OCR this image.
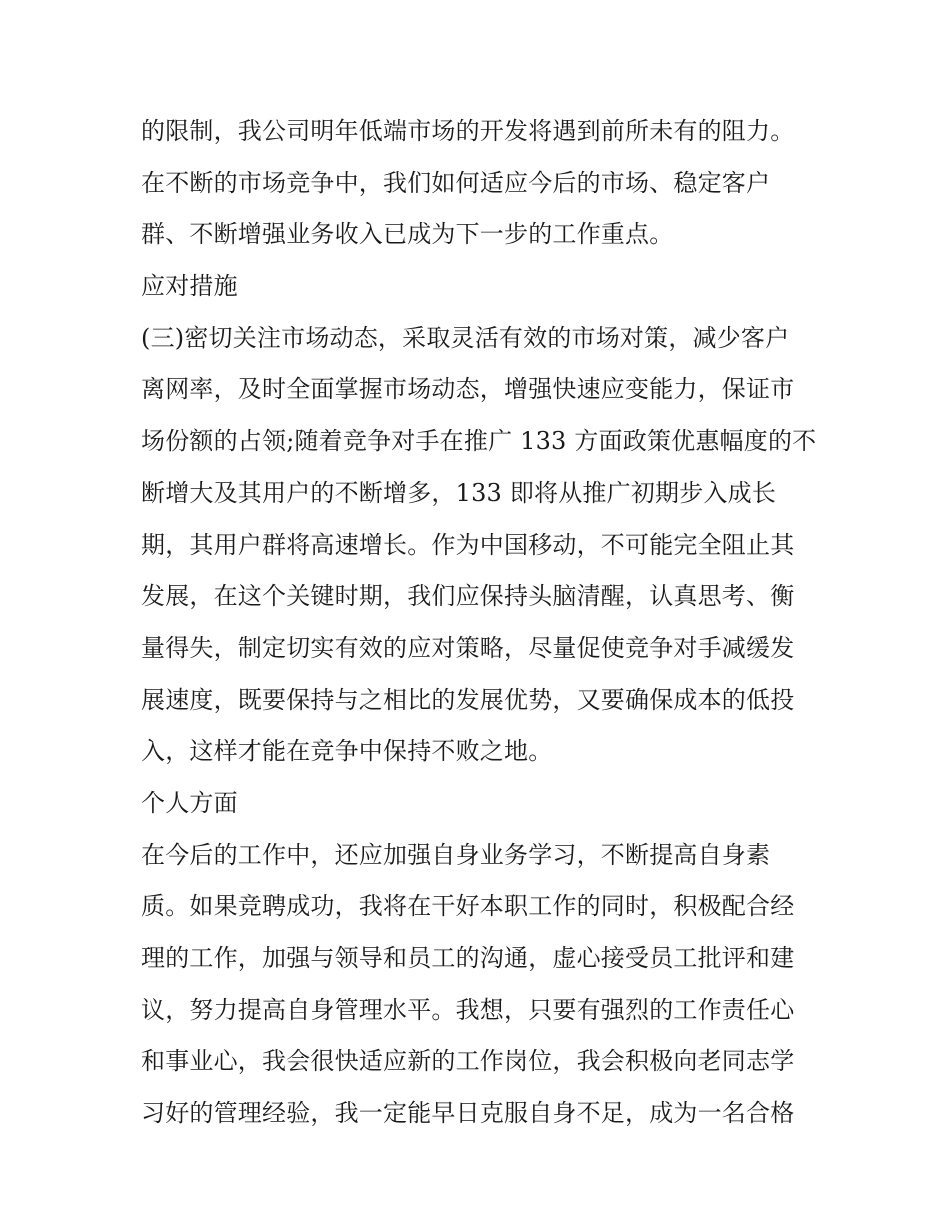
的限制，我公司明年低端市场的开发将遇到前所未有的阻力。
在不断的市场竞争中，我们如何适应今后的市场、稳定客户
群、不断增强业务收入已成为下一步的工作重点。
应对措施
(三)密切关注市场动态，采取灵活有效的市场对策，减少客户
离网率，及时全面掌握市场动态，增强快速应变能力，保证市
场份额的占领;随着竞争对手在推广 133 方面政策优惠幅度的不
断增大及其用户的不断增多，133 即将从推广初期步入成长
期，其用户群将高速增长。作为中国移动，不可能完全阻止其
发展，在这个关键时期，我们应保持头脑清醒，认真思考、衡
量得失，制定切实有效的应对策略，尽量促使竞争对手减缓发
展速度，既要保持与之相比的发展优势，又要确保成本的低投
入，这样才能在竞争中保持不败之地。
个人方面
在今后的工作中，还应加强自身业务学习，不断提高自身素
质。如果竞聘成功，我将在干好本职工作的同时，积极配合经
理的工作，加强与领导和员工的沟通，虚心接受员工批评和建
议，努力提高自身管理水平。我想，只要有强烈的工作责任心
和事业心，我会很快适应新的工作岗位，我会积极向老同志学
习好的管理经验，我一定能早日克服自身不足，成为一名合格
